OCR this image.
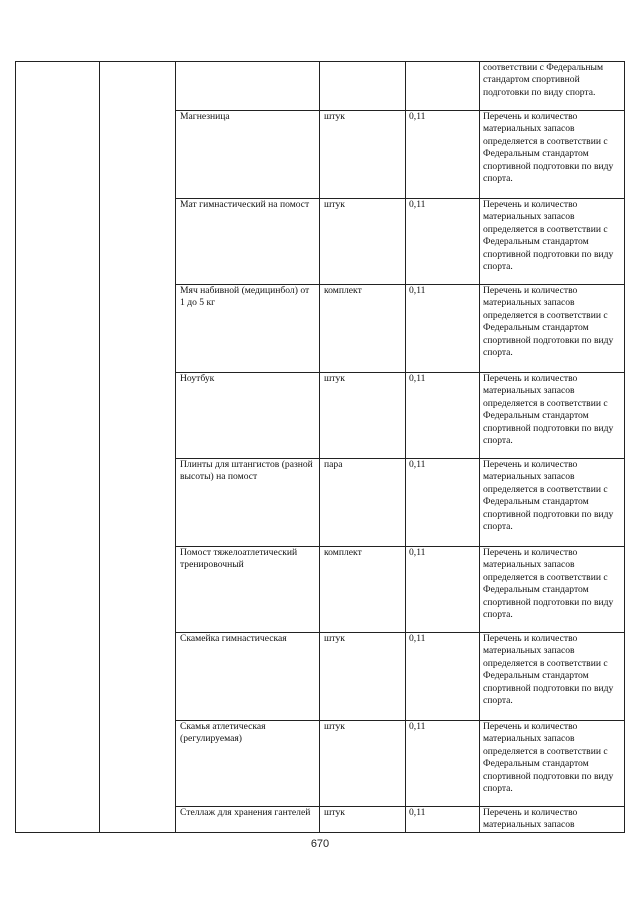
					соответствии с Федеральным стандартом спортивной подготовки по виду спорта.
		Магнезница	штук	0,11	Перечень и количество материальных запасов определяется в соответствии с Федеральным стандартом спортивной подготовки по виду спорта.
		Мат гимнастический на помост	штук	0,11	Перечень и количество материальных запасов определяется в соответствии с Федеральным стандартом спортивной подготовки по виду спорта.
		Мяч набивной (медицинбол) от 1 до 5 кг	комплект	0,11	Перечень и количество материальных запасов определяется в соответствии с Федеральным стандартом спортивной подготовки по виду спорта.
		Ноутбук	штук	0,11	Перечень и количество материальных запасов определяется в соответствии с Федеральным стандартом спортивной подготовки по виду спорта.
		Плинты для штангистов (разной высоты) на помост	пара	0,11	Перечень и количество материальных запасов определяется в соответствии с Федеральным стандартом спортивной подготовки по виду спорта.
		Помост тяжелоатлетический тренировочный	комплект	0,11	Перечень и количество материальных запасов определяется в соответствии с Федеральным стандартом спортивной подготовки по виду спорта.
		Скамейка гимнастическая	штук	0,11	Перечень и количество материальных запасов определяется в соответствии с Федеральным стандартом спортивной подготовки по виду спорта.
		Скамья атлетическая (регулируемая)	штук	0,11	Перечень и количество материальных запасов определяется в соответствии с Федеральным стандартом спортивной подготовки по виду спорта.
		Стеллаж для хранения гантелей	штук	0,11	Перечень и количество материальных запасов
670
